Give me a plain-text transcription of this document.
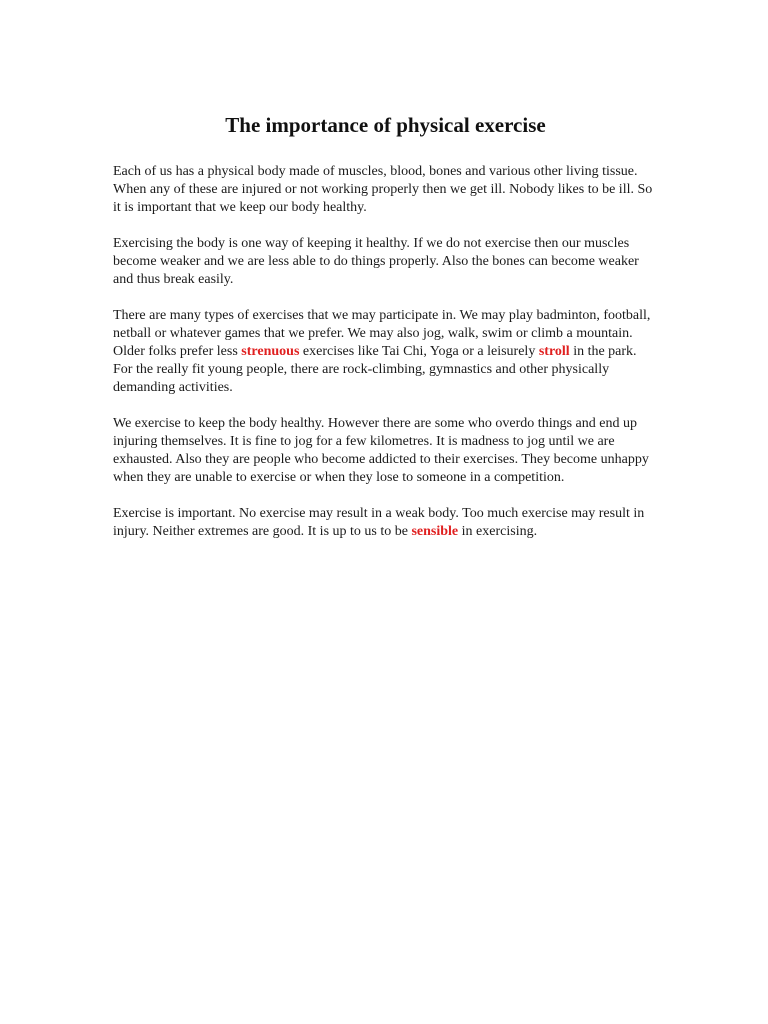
The importance of physical exercise

Each of us has a physical body made of muscles, blood, bones and various other living tissue. When any of these are injured or not working properly then we get ill. Nobody likes to be ill. So it is important that we keep our body healthy.

Exercising the body is one way of keeping it healthy. If we do not exercise then our muscles become weaker and we are less able to do things properly. Also the bones can become weaker and thus break easily.

There are many types of exercises that we may participate in. We may play badminton, football, netball or whatever games that we prefer. We may also jog, walk, swim or climb a mountain. Older folks prefer less strenuous exercises like Tai Chi, Yoga or a leisurely stroll in the park. For the really fit young people, there are rock-climbing, gymnastics and other physically demanding activities.

We exercise to keep the body healthy. However there are some who overdo things and end up injuring themselves. It is fine to jog for a few kilometres. It is madness to jog until we are exhausted. Also they are people who become addicted to their exercises. They become unhappy when they are unable to exercise or when they lose to someone in a competition.

Exercise is important. No exercise may result in a weak body. Too much exercise may result in injury. Neither extremes are good. It is up to us to be sensible in exercising.
